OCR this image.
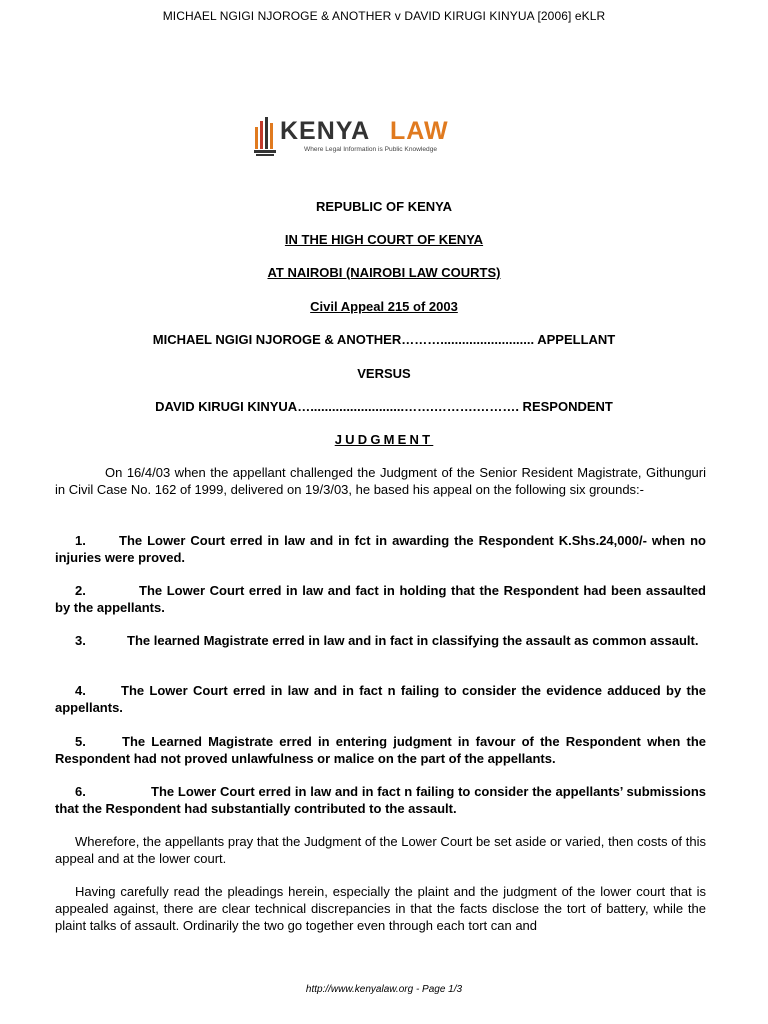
MICHAEL NGIGI NJOROGE & ANOTHER v DAVID KIRUGI KINYUA [2006] eKLR
KENYA LAW
Where Legal Information is Public Knowledge
REPUBLIC OF KENYA
IN THE HIGH COURT OF KENYA
AT NAIROBI (NAIROBI LAW COURTS)
Civil Appeal 215 of 2003
MICHAEL NGIGI NJOROGE & ANOTHER……….......................... APPELLANT
VERSUS
DAVID KIRUGI KINYUA…..........................…….……….………. RESPONDENT
JUDGMENT
On 16/4/03 when the appellant challenged the Judgment of the Senior Resident Magistrate, Githunguri in Civil Case No. 162 of 1999, delivered on 19/3/03, he based his appeal on the following six grounds:-
1.	The Lower Court erred in law and in fct in awarding the Respondent K.Shs.24,000/- when no injuries were proved.
2.	The Lower Court erred in law and fact in holding that the Respondent had been assaulted by the appellants.
3.	The learned Magistrate erred in law and in fact in classifying the assault as common assault.
4.	The Lower Court erred in law and in fact n failing to consider the evidence adduced by the appellants.
5.	The Learned Magistrate erred in entering judgment in favour of the Respondent when the Respondent had not proved unlawfulness or malice on the part of the appellants.
6.	The Lower Court erred in law and in fact n failing to consider the appellants’ submissions that the Respondent had substantially contributed to the assault.
Wherefore, the appellants pray that the Judgment of the Lower Court be set aside or varied, then costs of this appeal and at the lower court.
Having carefully read the pleadings herein, especially the plaint and the judgment of the lower court that is appealed against, there are clear technical discrepancies in that the facts disclose the tort of battery, while the plaint talks of assault. Ordinarily the two go together even through each tort can and
http://www.kenyalaw.org - Page 1/3
